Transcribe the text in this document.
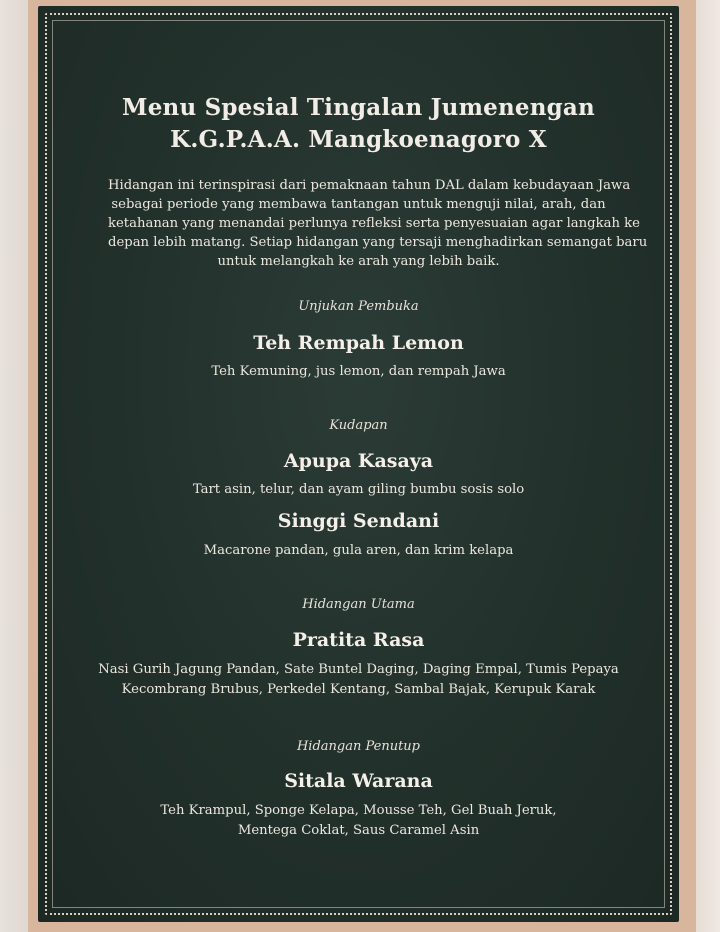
Menu Spesial Tingalan Jumenengan
K.G.P.A.A. Mangkoenagoro X
Hidangan ini terinspirasi dari pemaknaan tahun DAL dalam kebudayaan Jawa
sebagai periode yang membawa tantangan untuk menguji nilai, arah, dan
ketahanan yang menandai perlunya refleksi serta penyesuaian agar langkah ke
depan lebih matang. Setiap hidangan yang tersaji menghadirkan semangat baru
untuk melangkah ke arah yang lebih baik.
Unjukan Pembuka
Teh Rempah Lemon
Teh Kemuning, jus lemon, dan rempah Jawa
Kudapan
Apupa Kasaya
Tart asin, telur, dan ayam giling bumbu sosis solo
Singgi Sendani
Macarone pandan, gula aren, dan krim kelapa
Hidangan Utama
Pratita Rasa
Nasi Gurih Jagung Pandan, Sate Buntel Daging, Daging Empal, Tumis Pepaya
Kecombrang Brubus, Perkedel Kentang, Sambal Bajak, Kerupuk Karak
Hidangan Penutup
Sitala Warana
Teh Krampul, Sponge Kelapa, Mousse Teh, Gel Buah Jeruk,
Mentega Coklat, Saus Caramel Asin
